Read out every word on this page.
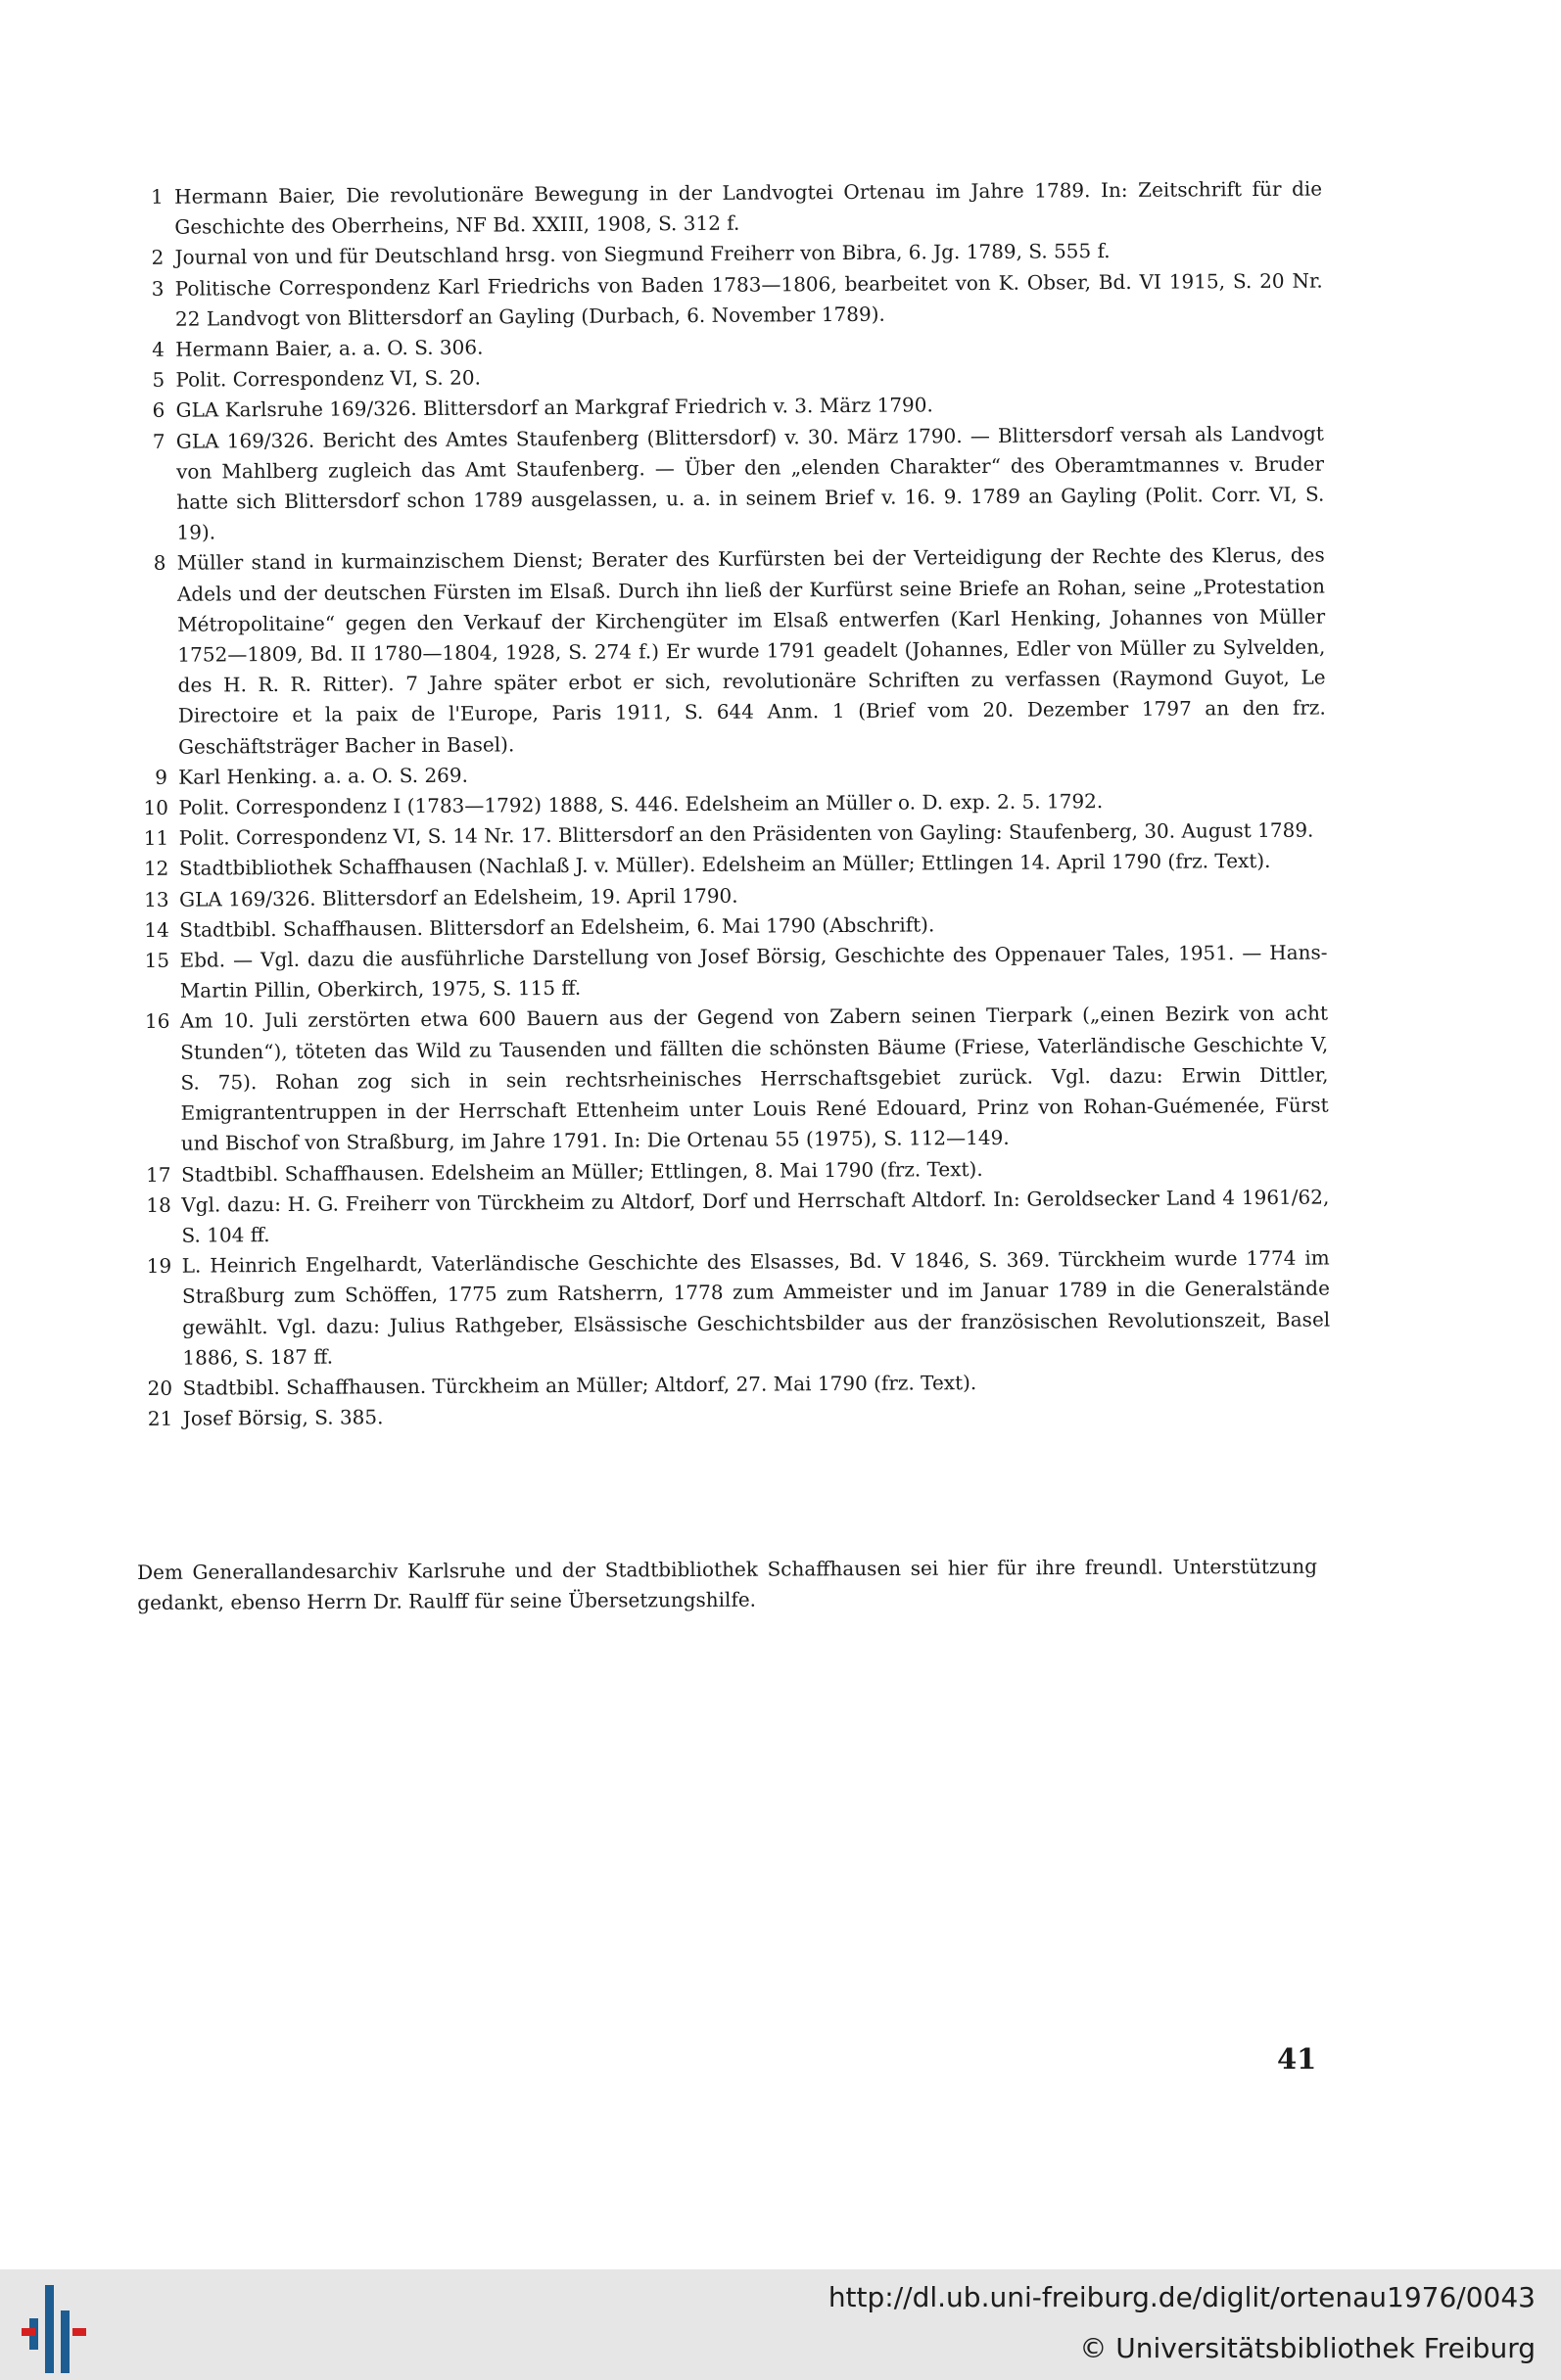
1 Hermann Baier, Die revolutionäre Bewegung in der Landvogtei Ortenau im Jahre 1789. In: Zeitschrift für die Geschichte des Oberrheins, NF Bd. XXIII, 1908, S. 312 f.
2 Journal von und für Deutschland hrsg. von Siegmund Freiherr von Bibra, 6. Jg. 1789, S. 555 f.
3 Politische Correspondenz Karl Friedrichs von Baden 1783—1806, bearbeitet von K. Obser, Bd. VI 1915, S. 20 Nr. 22 Landvogt von Blittersdorf an Gayling (Durbach, 6. November 1789).
4 Hermann Baier, a. a. O. S. 306.
5 Polit. Correspondenz VI, S. 20.
6 GLA Karlsruhe 169/326. Blittersdorf an Markgraf Friedrich v. 3. März 1790.
7 GLA 169/326. Bericht des Amtes Staufenberg (Blittersdorf) v. 30. März 1790. — Blittersdorf versah als Landvogt von Mahlberg zugleich das Amt Staufenberg. — Über den „elenden Charakter“ des Oberamtmannes v. Bruder hatte sich Blittersdorf schon 1789 ausgelassen, u. a. in seinem Brief v. 16. 9. 1789 an Gayling (Polit. Corr. VI, S. 19).
8 Müller stand in kurmainzischem Dienst; Berater des Kurfürsten bei der Verteidigung der Rechte des Klerus, des Adels und der deutschen Fürsten im Elsaß. Durch ihn ließ der Kurfürst seine Briefe an Rohan, seine „Protestation Métropolitaine“ gegen den Verkauf der Kirchengüter im Elsaß entwerfen (Karl Henking, Johannes von Müller 1752—1809, Bd. II 1780—1804, 1928, S. 274 f.) Er wurde 1791 geadelt (Johannes, Edler von Müller zu Sylvelden, des H. R. R. Ritter). 7 Jahre später erbot er sich, revolutionäre Schriften zu verfassen (Raymond Guyot, Le Directoire et la paix de l'Europe, Paris 1911, S. 644 Anm. 1 (Brief vom 20. Dezember 1797 an den frz. Geschäftsträger Bacher in Basel).
9 Karl Henking. a. a. O. S. 269.
10 Polit. Correspondenz I (1783—1792) 1888, S. 446. Edelsheim an Müller o. D. exp. 2. 5. 1792.
11 Polit. Correspondenz VI, S. 14 Nr. 17. Blittersdorf an den Präsidenten von Gayling: Staufenberg, 30. August 1789.
12 Stadtbibliothek Schaffhausen (Nachlaß J. v. Müller). Edelsheim an Müller; Ettlingen 14. April 1790 (frz. Text).
13 GLA 169/326. Blittersdorf an Edelsheim, 19. April 1790.
14 Stadtbibl. Schaffhausen. Blittersdorf an Edelsheim, 6. Mai 1790 (Abschrift).
15 Ebd. — Vgl. dazu die ausführliche Darstellung von Josef Börsig, Geschichte des Oppenauer Tales, 1951. — Hans-Martin Pillin, Oberkirch, 1975, S. 115 ff.
16 Am 10. Juli zerstörten etwa 600 Bauern aus der Gegend von Zabern seinen Tierpark („einen Bezirk von acht Stunden“), töteten das Wild zu Tausenden und fällten die schönsten Bäume (Friese, Vaterländische Geschichte V, S. 75). Rohan zog sich in sein rechtsrheinisches Herrschaftsgebiet zurück. Vgl. dazu: Erwin Dittler, Emigrantentruppen in der Herrschaft Ettenheim unter Louis René Edouard, Prinz von Rohan-Guémenée, Fürst und Bischof von Straßburg, im Jahre 1791. In: Die Ortenau 55 (1975), S. 112—149.
17 Stadtbibl. Schaffhausen. Edelsheim an Müller; Ettlingen, 8. Mai 1790 (frz. Text).
18 Vgl. dazu: H. G. Freiherr von Türckheim zu Altdorf, Dorf und Herrschaft Altdorf. In: Geroldsecker Land 4 1961/62, S. 104 ff.
19 L. Heinrich Engelhardt, Vaterländische Geschichte des Elsasses, Bd. V 1846, S. 369. Türckheim wurde 1774 im Straßburg zum Schöffen, 1775 zum Ratsherrn, 1778 zum Ammeister und im Januar 1789 in die Generalstände gewählt. Vgl. dazu: Julius Rathgeber, Elsässische Geschichtsbilder aus der französischen Revolutionszeit, Basel 1886, S. 187 ff.
20 Stadtbibl. Schaffhausen. Türckheim an Müller; Altdorf, 27. Mai 1790 (frz. Text).
21 Josef Börsig, S. 385.
Dem Generallandesarchiv Karlsruhe und der Stadtbibliothek Schaffhausen sei hier für ihre freundl. Unterstützung gedankt, ebenso Herrn Dr. Raulff für seine Übersetzungshilfe.
41
http://dl.ub.uni-freiburg.de/diglit/ortenau1976/0043
© Universitätsbibliothek Freiburg
